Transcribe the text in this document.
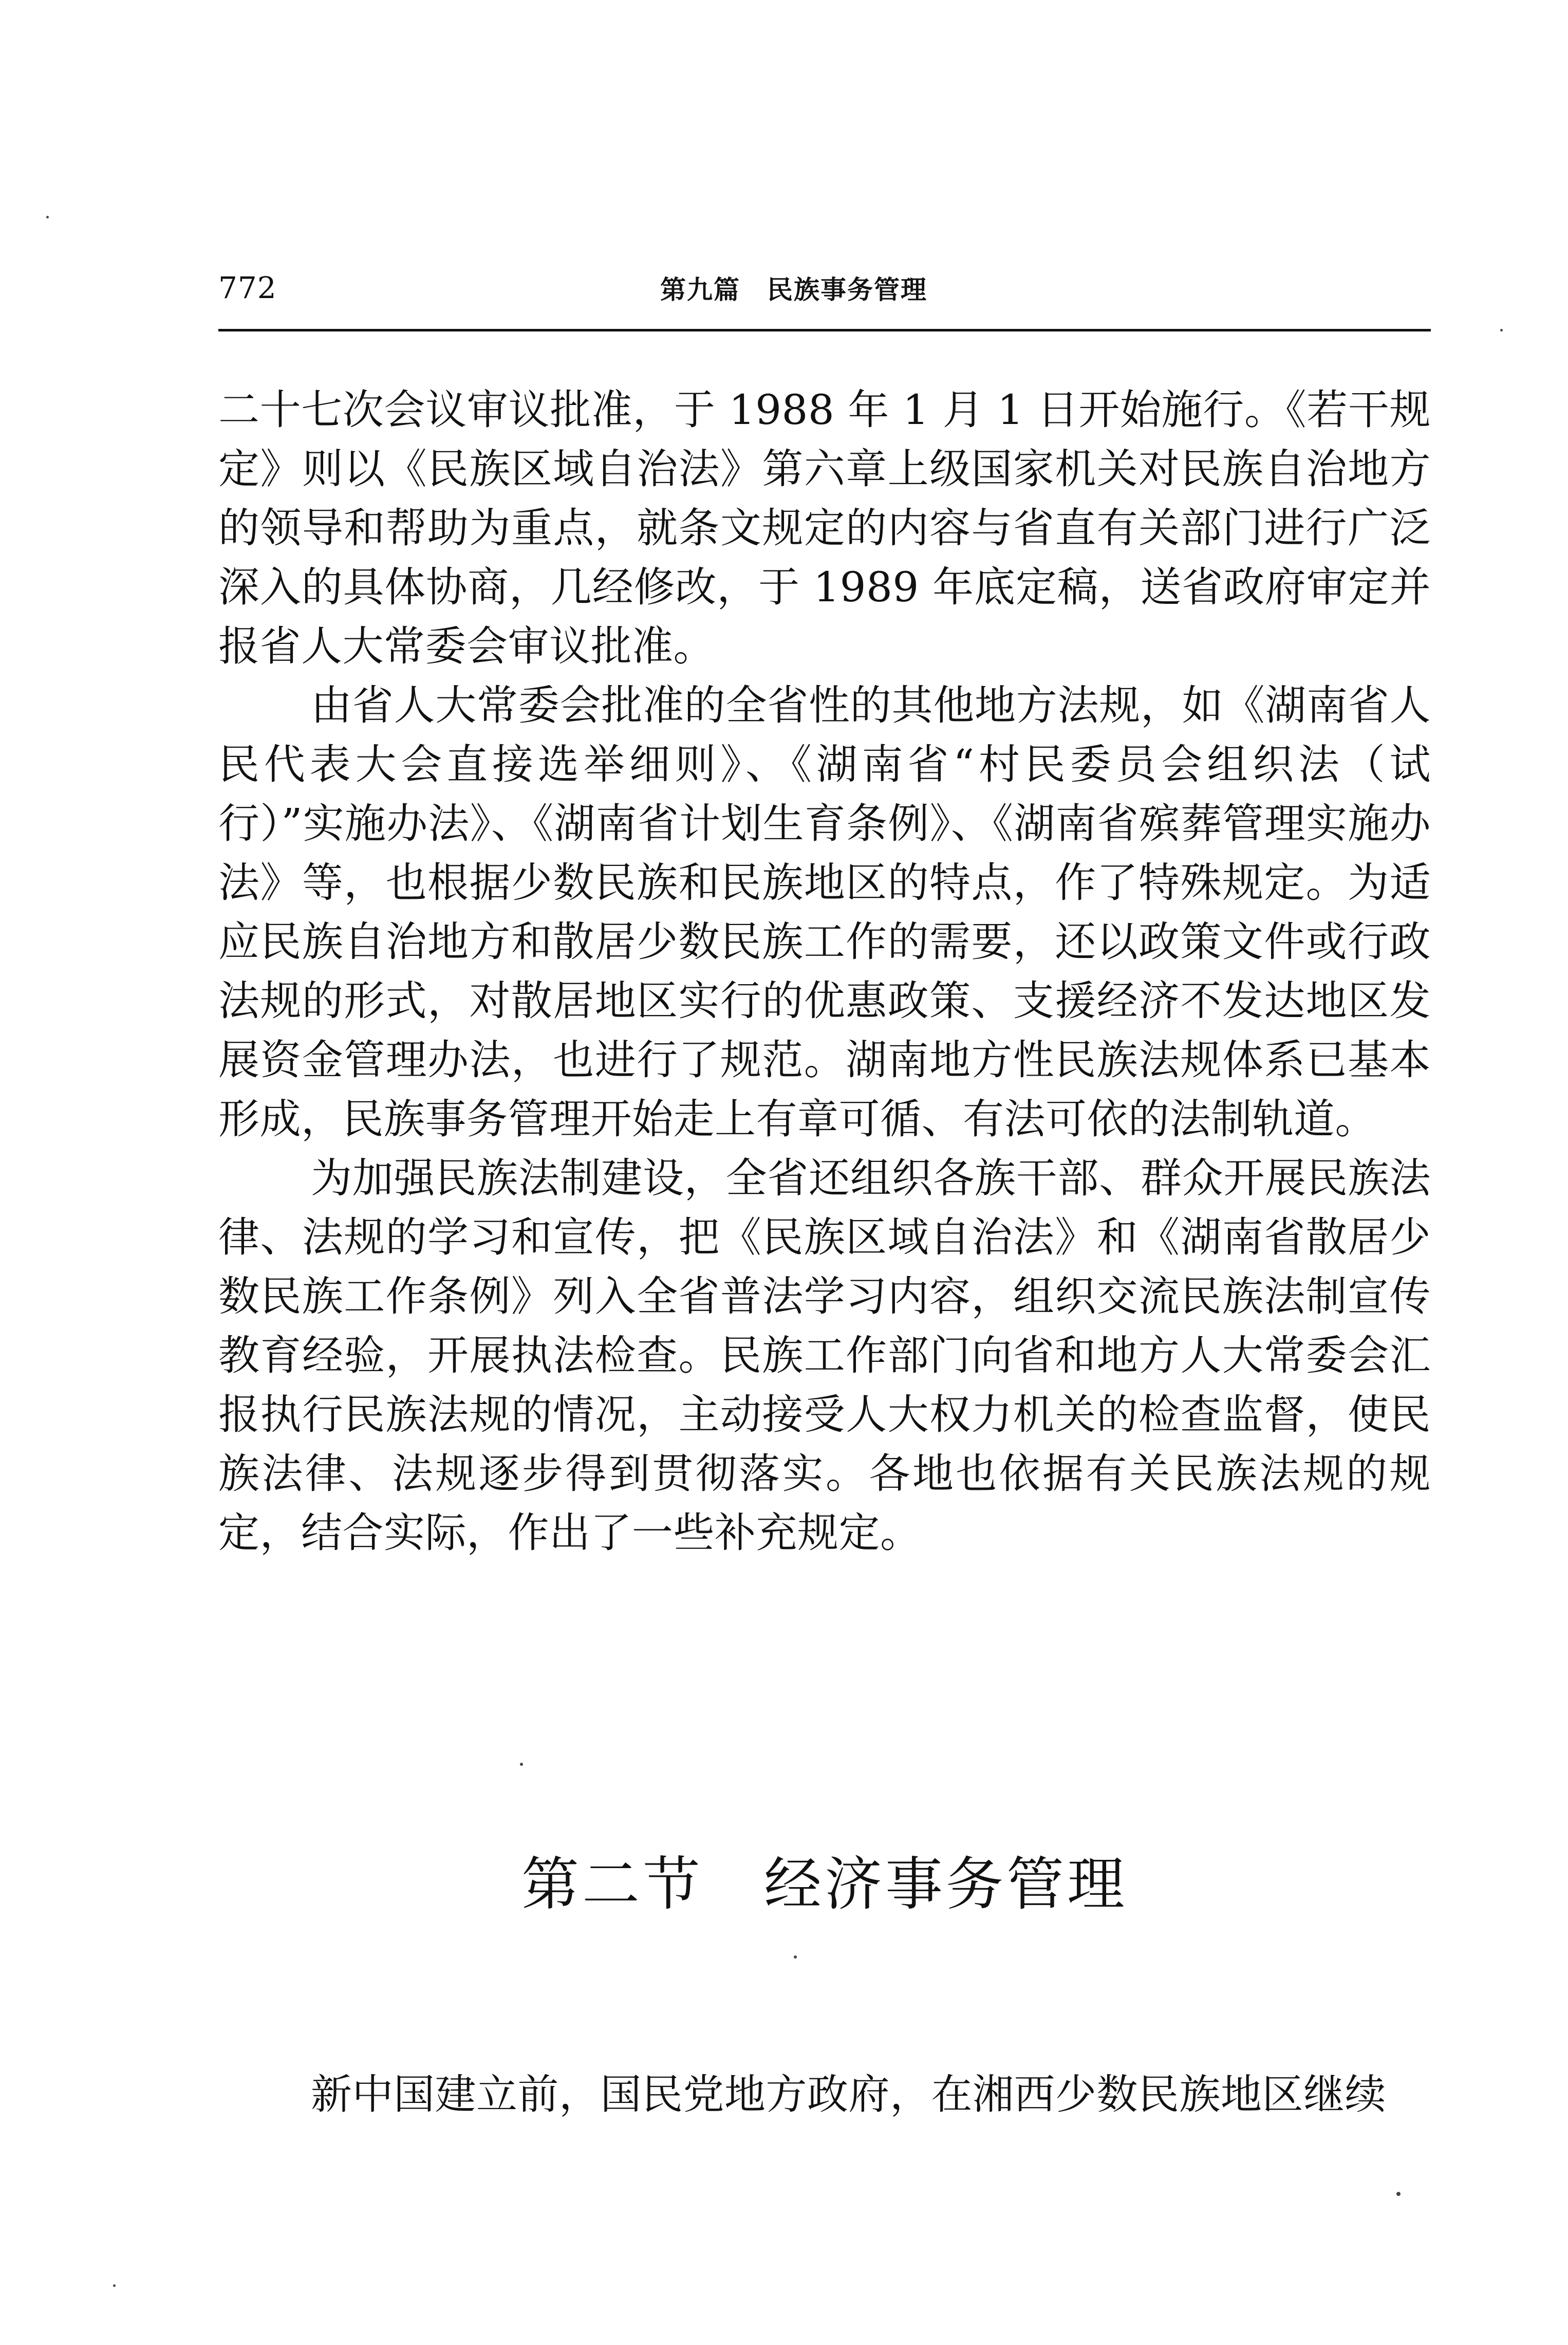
772	第九篇　民族事务管理

二十七次会议审议批准，于 1988 年 1 月 1 日开始施行。《若干规定》则以《民族区域自治法》第六章上级国家机关对民族自治地方的领导和帮助为重点，就条文规定的内容与省直有关部门进行广泛深入的具体协商，几经修改，于 1989 年底定稿，送省政府审定并报省人大常委会审议批准。

由省人大常委会批准的全省性的其他地方法规，如《湖南省人民代表大会直接选举细则》、《湖南省“村民委员会组织法（试行）”实施办法》、《湖南省计划生育条例》、《湖南省殡葬管理实施办法》等，也根据少数民族和民族地区的特点，作了特殊规定。为适应民族自治地方和散居少数民族工作的需要，还以政策文件或行政法规的形式，对散居地区实行的优惠政策、支援经济不发达地区发展资金管理办法，也进行了规范。湖南地方性民族法规体系已基本形成，民族事务管理开始走上有章可循、有法可依的法制轨道。

为加强民族法制建设，全省还组织各族干部、群众开展民族法律、法规的学习和宣传，把《民族区域自治法》和《湖南省散居少数民族工作条例》列入全省普法学习内容，组织交流民族法制宣传教育经验，开展执法检查。民族工作部门向省和地方人大常委会汇报执行民族法规的情况，主动接受人大权力机关的检查监督，使民族法律、法规逐步得到贯彻落实。各地也依据有关民族法规的规定，结合实际，作出了一些补充规定。

第二节　经济事务管理

新中国建立前，国民党地方政府，在湘西少数民族地区继续
